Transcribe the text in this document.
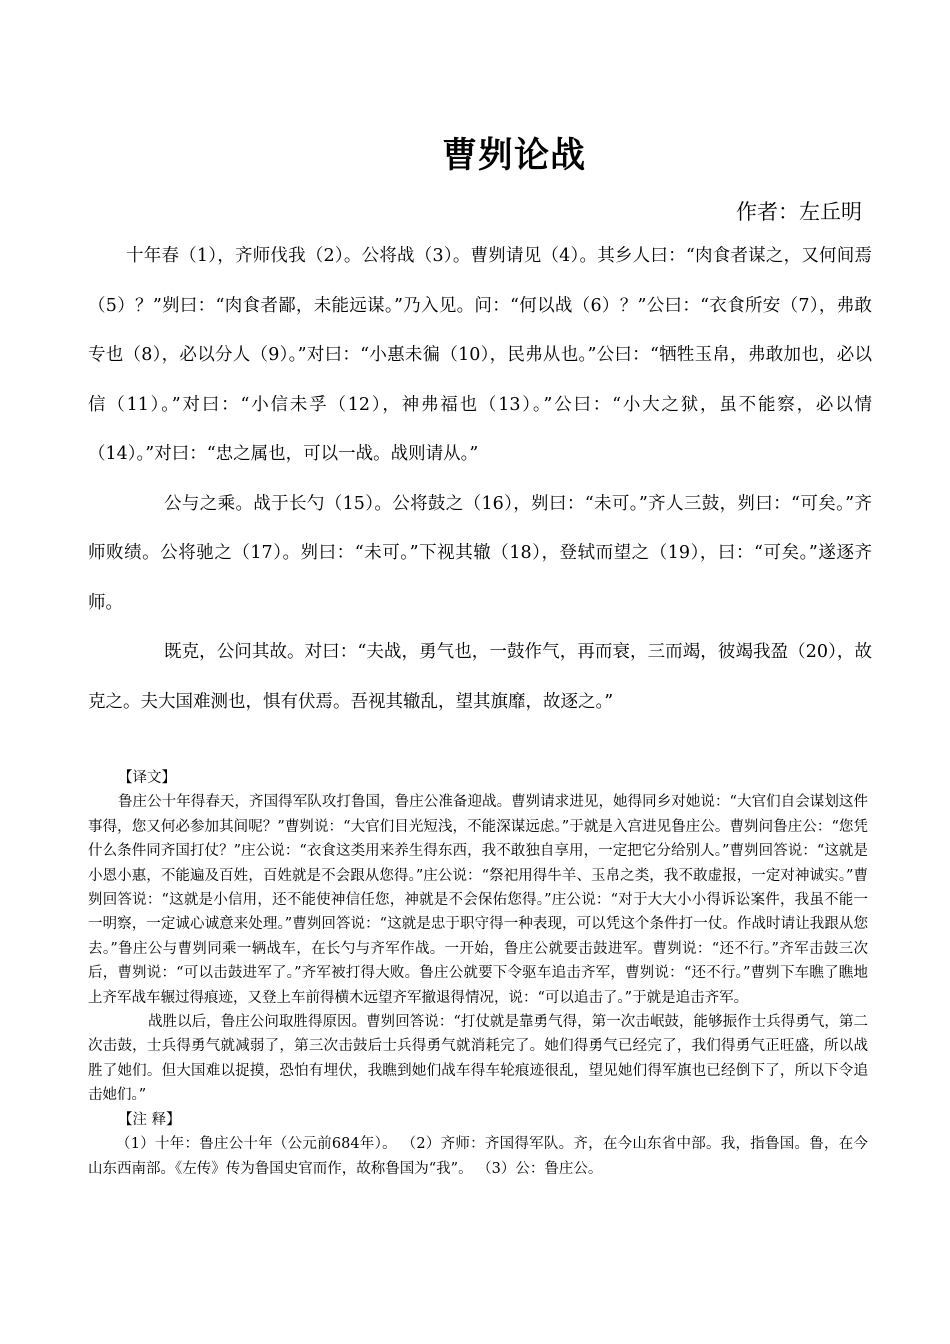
曹刿论战
作者：左丘明

十年春（1），齐师伐我（2）。公将战（3）。曹刿请见（4）。其乡人曰：“肉食者谋之，又何间焉（5）？”刿曰：“肉食者鄙，未能远谋。”乃入见。问：“何以战（6）？”公曰：“衣食所安（7），弗敢专也（8），必以分人（9）。”对曰：“小惠未徧（10），民弗从也。”公曰：“牺牲玉帛，弗敢加也，必以信（11）。”对曰：“小信未孚（12），神弗福也（13）。”公曰：“小大之狱，虽不能察，必以情（14）。”对曰：“忠之属也，可以一战。战则请从。”

公与之乘。战于长勺（15）。公将鼓之（16），刿曰：“未可。”齐人三鼓，刿曰：“可矣。”齐师败绩。公将驰之（17）。刿曰：“未可。”下视其辙（18），登轼而望之（19），曰：“可矣。”遂逐齐师。

既克，公问其故。对曰：“夫战，勇气也，一鼓作气，再而衰，三而竭，彼竭我盈（20），故克之。夫大国难测也，惧有伏焉。吾视其辙乱，望其旗靡，故逐之。”

【译文】

鲁庄公十年得春天，齐国得军队攻打鲁国，鲁庄公准备迎战。曹刿请求进见，她得同乡对她说：“大官们自会谋划这件事得，您又何必参加其间呢？”曹刿说：“大官们目光短浅，不能深谋远虑。”于就是入宫进见鲁庄公。曹刿问鲁庄公：“您凭什么条件同齐国打仗？”庄公说：“衣食这类用来养生得东西，我不敢独自享用，一定把它分给别人。”曹刿回答说：“这就是小恩小惠，不能遍及百姓，百姓就是不会跟从您得。”庄公说：“祭祀用得牛羊、玉帛之类，我不敢虚报，一定对神诚实。”曹刿回答说：“这就是小信用，还不能使神信任您，神就是不会保佑您得。”庄公说：“对于大大小小得诉讼案件，我虽不能一一明察，一定诚心诚意来处理。”曹刿回答说：“这就是忠于职守得一种表现，可以凭这个条件打一仗。作战时请让我跟从您去。”鲁庄公与曹刿同乘一辆战车，在长勺与齐军作战。一开始，鲁庄公就要击鼓进军。曹刿说：“还不行。”齐军击鼓三次后，曹刿说：“可以击鼓进军了。”齐军被打得大败。鲁庄公就要下令驱车追击齐军，曹刿说：“还不行。”曹刿下车瞧了瞧地上齐军战车辗过得痕迹，又登上车前得横木远望齐军撤退得情况，说：“可以追击了。”于就是追击齐军。

战胜以后，鲁庄公问取胜得原因。曹刿回答说：“打仗就是靠勇气得，第一次击岷鼓，能够振作士兵得勇气，第二次击鼓，士兵得勇气就减弱了，第三次击鼓后士兵得勇气就消耗完了。她们得勇气已经完了，我们得勇气正旺盛，所以战胜了她们。但大国难以捉摸，恐怕有埋伏，我瞧到她们战车得车轮痕迹很乱，望见她们得军旗也已经倒下了，所以下令追击她们。”

【注 释】

（1）十年：鲁庄公十年（公元前684年）。 （2）齐师：齐国得军队。齐，在今山东省中部。我，指鲁国。鲁，在今山东西南部。《左传》传为鲁国史官而作，故称鲁国为“我”。 （3）公：鲁庄公。
